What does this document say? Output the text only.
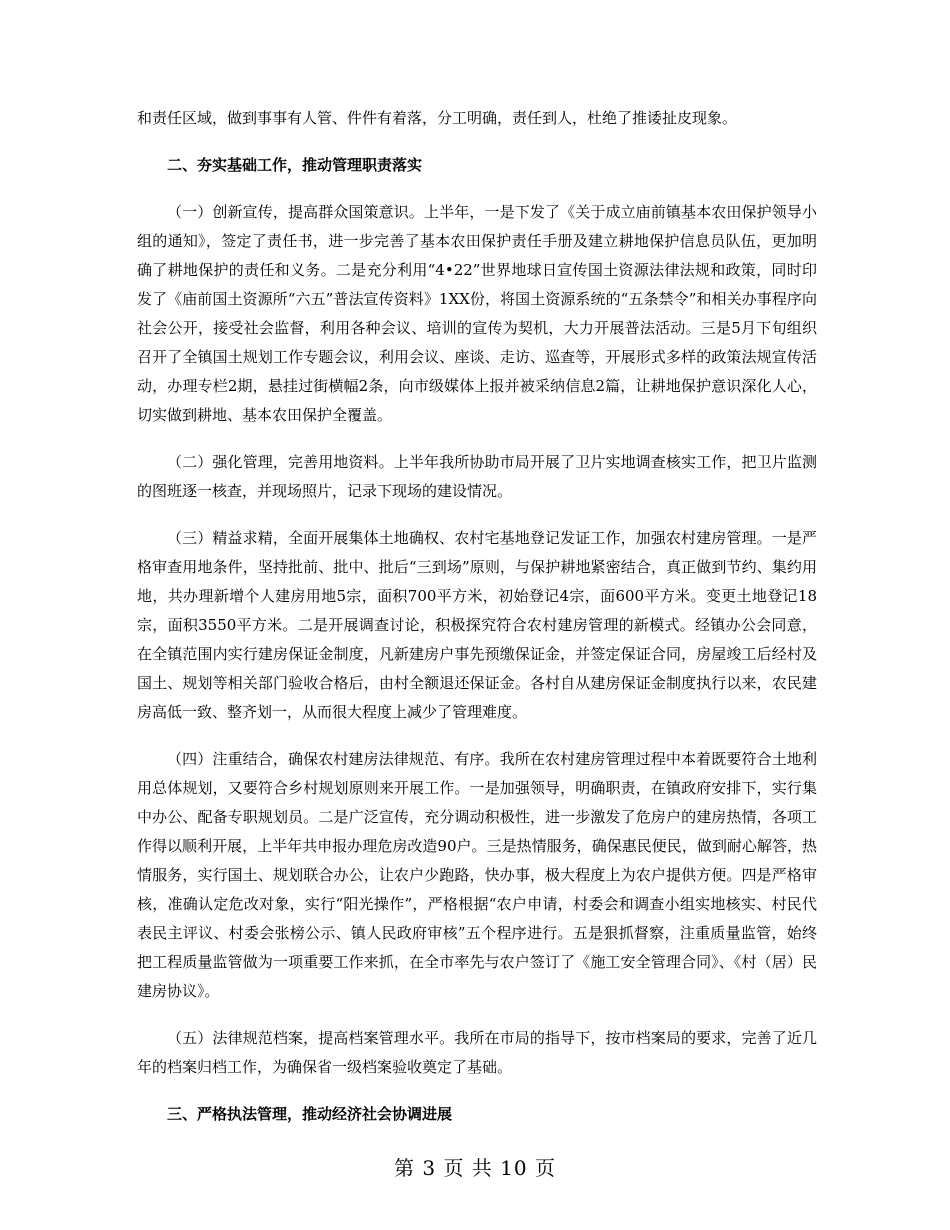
和责任区域，做到事事有人管、件件有着落，分工明确，责任到人，杜绝了推诿扯皮现象。

二、夯实基础工作，推动管理职责落实

（一）创新宣传，提高群众国策意识。上半年，一是下发了《关于成立庙前镇基本农田保护领导小组的通知》，签定了责任书，进一步完善了基本农田保护责任手册及建立耕地保护信息员队伍，更加明确了耕地保护的责任和义务。二是充分利用“4•22”世界地球日宣传国土资源法律法规和政策，同时印发了《庙前国土资源所“六五”普法宣传资料》1XX份，将国土资源系统的“五条禁令”和相关办事程序向社会公开，接受社会监督，利用各种会议、培训的宣传为契机，大力开展普法活动。三是5月下旬组织召开了全镇国土规划工作专题会议，利用会议、座谈、走访、巡查等，开展形式多样的政策法规宣传活动，办理专栏2期，悬挂过街横幅2条，向市级媒体上报并被采纳信息2篇，让耕地保护意识深化人心，切实做到耕地、基本农田保护全覆盖。

（二）强化管理，完善用地资料。上半年我所协助市局开展了卫片实地调查核实工作，把卫片监测的图班逐一核查，并现场照片，记录下现场的建设情况。

（三）精益求精，全面开展集体土地确权、农村宅基地登记发证工作，加强农村建房管理。一是严格审查用地条件，坚持批前、批中、批后“三到场”原则，与保护耕地紧密结合，真正做到节约、集约用地，共办理新增个人建房用地5宗，面积700平方米，初始登记4宗，面600平方米。变更土地登记18宗，面积3550平方米。二是开展调查讨论，积极探究符合农村建房管理的新模式。经镇办公会同意，在全镇范围内实行建房保证金制度，凡新建房户事先预缴保证金，并签定保证合同，房屋竣工后经村及国土、规划等相关部门验收合格后，由村全额退还保证金。各村自从建房保证金制度执行以来，农民建房高低一致、整齐划一，从而很大程度上减少了管理难度。

（四）注重结合，确保农村建房法律规范、有序。我所在农村建房管理过程中本着既要符合土地利用总体规划，又要符合乡村规划原则来开展工作。一是加强领导，明确职责，在镇政府安排下，实行集中办公、配备专职规划员。二是广泛宣传，充分调动积极性，进一步激发了危房户的建房热情，各项工作得以顺利开展，上半年共申报办理危房改造90户。三是热情服务，确保惠民便民，做到耐心解答，热情服务，实行国土、规划联合办公，让农户少跑路，快办事，极大程度上为农户提供方便。四是严格审核，准确认定危改对象，实行“阳光操作”，严格根据“农户申请，村委会和调查小组实地核实、村民代表民主评议、村委会张榜公示、镇人民政府审核”五个程序进行。五是狠抓督察，注重质量监管，始终把工程质量监管做为一项重要工作来抓，在全市率先与农户签订了《施工安全管理合同》、《村（居）民建房协议》。

（五）法律规范档案，提高档案管理水平。我所在市局的指导下，按市档案局的要求，完善了近几年的档案归档工作，为确保省一级档案验收奠定了基础。

三、严格执法管理，推动经济社会协调进展

第 3 页 共 10 页
